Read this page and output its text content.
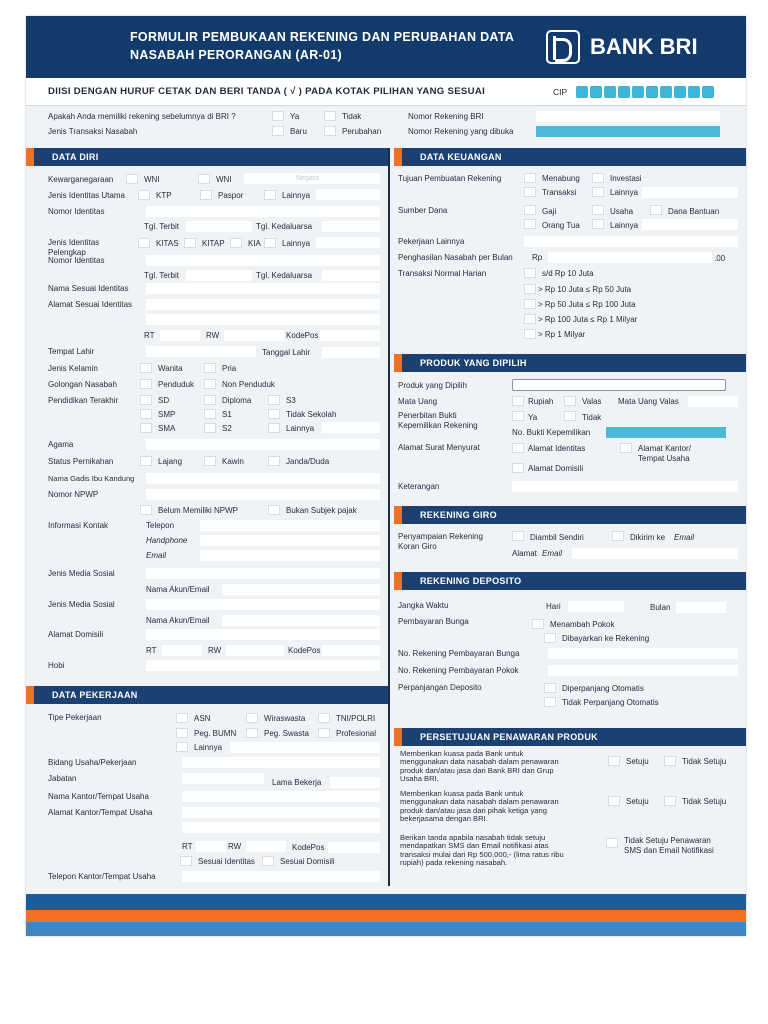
FORMULIR PEMBUKAAN REKENING DAN PERUBAHAN DATA
NASABAH PERORANGAN (AR-01)	BANK BRI
DIISI DENGAN HURUF CETAK DAN BERI TANDA ( √ ) PADA KOTAK PILIHAN YANG SESUAI	CIP
Apakah Anda memiliki rekening sebelumnya di BRI ?	Ya	Tidak	Nomor Rekening BRI
Jenis Transaksi Nasabah	Baru	Perubahan	Nomor Rekening yang dibuka
DATA DIRI
Kewarganegaraan	WNI	WNI	Negara
Jenis Identitas Utama	KTP	Paspor	Lainnya
Nomor Identitas
Tgl. Terbit	Tgl. Kedaluarsa
Jenis Identitas
Pelengkap
KITAS	KITAP	KIA	Lainnya
Nomor Identitas
Tgl. Terbit	Tgl. Kedaluarsa
Nama Sesuai Identitas
Alamat Sesuai Identitas
RT	RW	KodePos
Tempat Lahir	Tanggal Lahir
Jenis Kelamin	Wanita	Pria
Golongan Nasabah	Penduduk	Non Penduduk
Pendidikan Terakhir	SD	Diploma	S3
SMP	S1	Tidak Sekolah
SMA	S2	Lainnya
Agama
Status Pernikahan	Lajang	Kawin	Janda/Duda
Nama Gadis Ibu Kandung
Nomor NPWP
Belum Memiliki NPWP	Bukan Subjek pajak
Informasi Kontak	Telepon
Handphone
Email
Jenis Media Sosial
Nama Akun/Email
Jenis Media Sosial
Nama Akun/Email
Alamat Domisili
RT	RW	KodePos
Hobi
DATA PEKERJAAN
Tipe Pekerjaan	ASN	Wiraswasta	TNI/POLRI
Peg. BUMN	Peg. Swasta	Profesional
Lainnya
Bidang Usaha/Pekerjaan
Jabatan	Lama Bekerja
Nama Kantor/Tempat Usaha
Alamat Kantor/Tempat Usaha
RT	RW	KodePos
Sesuai Identitas	Sesuai Domisili
Telepon Kantor/Tempat Usaha
DATA KEUANGAN
Tujuan Pembuatan Rekening	Menabung	Investasi
Transaksi	Lainnya
Sumber Dana	Gaji	Usaha	Dana Bantuan
Orang Tua	Lainnya
Pekerjaan Lainnya
Penghasilan Nasabah per Bulan Rp	.00
Transaksi Normal Harian	s/d Rp 10 Juta
> Rp 10 Juta ≤ Rp 50 Juta
> Rp 50 Juta ≤ Rp 100 Juta
> Rp 100 Juta ≤ Rp 1 Milyar
> Rp 1 Milyar
PRODUK YANG DIPILIH
Produk yang Dipilih
Mata Uang	Rupiah	Valas Mata Uang Valas
Penerbitan Bukti
Kepemilikan Rekening
Ya	Tidak
No. Bukti Kepemilikan
Alamat Surat Menyurat	Alamat Identitas	Alamat Kantor/
Tempat Usaha
Alamat Domisili
Keterangan
REKENING GIRO
Penyampaian Rekening
Koran Giro
Diambil Sendiri	Dikirim ke Email
Alamat Email
REKENING DEPOSITO
Jangka Waktu	Hari	Bulan
Pembayaran Bunga	Menambah Pokok
Dibayarkan ke Rekening
No. Rekening Pembayaran Bunga
No. Rekening Pembayaran Pokok
Perpanjangan Deposito	Diperpanjang Otomatis
Tidak Perpanjang Otomatis
PERSETUJUAN PENAWARAN PRODUK
Memberikan kuasa pada Bank untuk
menggunakan data nasabah dalam penawaran
produk dan/atau jasa dari Bank BRI dan Grup
Usaha BRI.
Setuju	Tidak Setuju
Memberikan kuasa pada Bank untuk
menggunakan data nasabah dalam penawaran
produk dan/atau jasa dari pihak ketiga yang
bekerjasama dengan BRI.
Setuju	Tidak Setuju
Berikan tanda apabila nasabah tidak setuju
mendapatkan SMS dan Email notifikasi atas
transaksi mulai dari Rp 500.000,- (lima ratus ribu
rupiah) pada rekening nasabah.
Tidak Setuju Penawaran
SMS dan Email Notifikasi
